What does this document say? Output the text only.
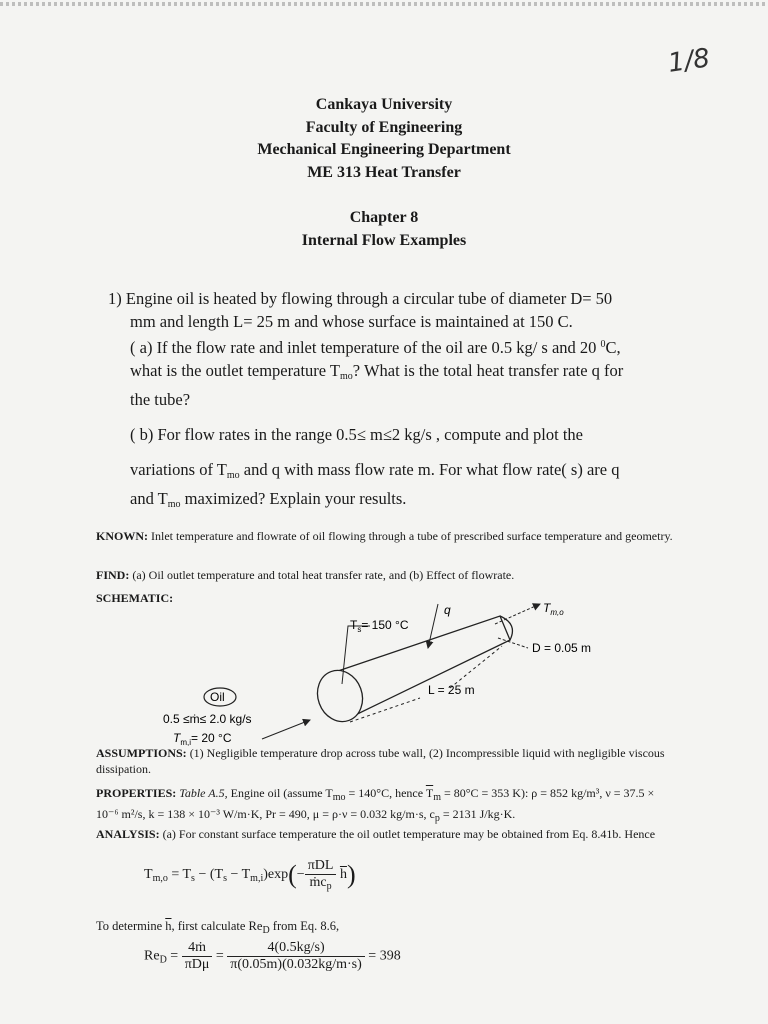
1/8
Cankaya University
Faculty of Engineering
Mechanical Engineering Department
ME 313 Heat Transfer
Chapter 8
Internal Flow Examples

1) Engine oil is heated by flowing through a circular tube of diameter D= 50

mm and length L= 25 m and whose surface is maintained at 150 C.

( a) If the flow rate and inlet temperature of the oil are 0.5 kg/ s and 20 $^0$C,

what is the outlet temperature $T_{mo}$? What is the total heat transfer rate q for

the tube?

( b) For flow rates in the range 0.5≤ m≤2 kg/s , compute and plot the

variations of $T_{mo}$ and q with mass flow rate m. For what flow rate( s) are q

and $T_{mo}$ maximized? Explain your results.

KNOWN: Inlet temperature and flowrate of oil flowing through a tube of prescribed surface temperature and geometry.
FIND: (a) Oil outlet temperature and total heat transfer rate, and (b) Effect of flowrate.
SCHEMATIC:
$T_s= 150$ °C
q	$T_{m,o}$
D = 0.05 m
L = 25 m
Oil
0.5 ≤ṁ≤ 2.0 kg/s
$T_{m,i}= 20$ °C
ASSUMPTIONS: (1) Negligible temperature drop across tube wall, (2) Incompressible liquid with negligible viscous dissipation.
PROPERTIES: Table A.5, Engine oil (assume $T_{mo} = 140^\circ C$, hence $\overline{T}_m = 80^\circ C = 353$ K): ρ = 852 kg/m³, ν = 37.5 × 10⁻⁶ m²/s, k = 138 × 10⁻³ W/m·K, Pr = 490, μ = ρ·ν = 0.032 kg/m·s, $c_p = 2131$ J/kg·K.
ANALYSIS: (a) For constant surface temperature the oil outlet temperature may be obtained from Eq. 8.41b. Hence
$T_{m,o} = T_s - (T_s - T_{m,i})\exp(- \frac{\text{πDL}}{ṁc_p} \overline{h})$
To determine $\overline{h}$, first calculate $Re_D$ from Eq. 8.6,
$Re_D = \frac{\text{4ṁ}}{\text{πDμ}} = \frac{4(0.5kg/s)}{\pi(0.05m)(0.032kg/m\cdot s)} = 398$
